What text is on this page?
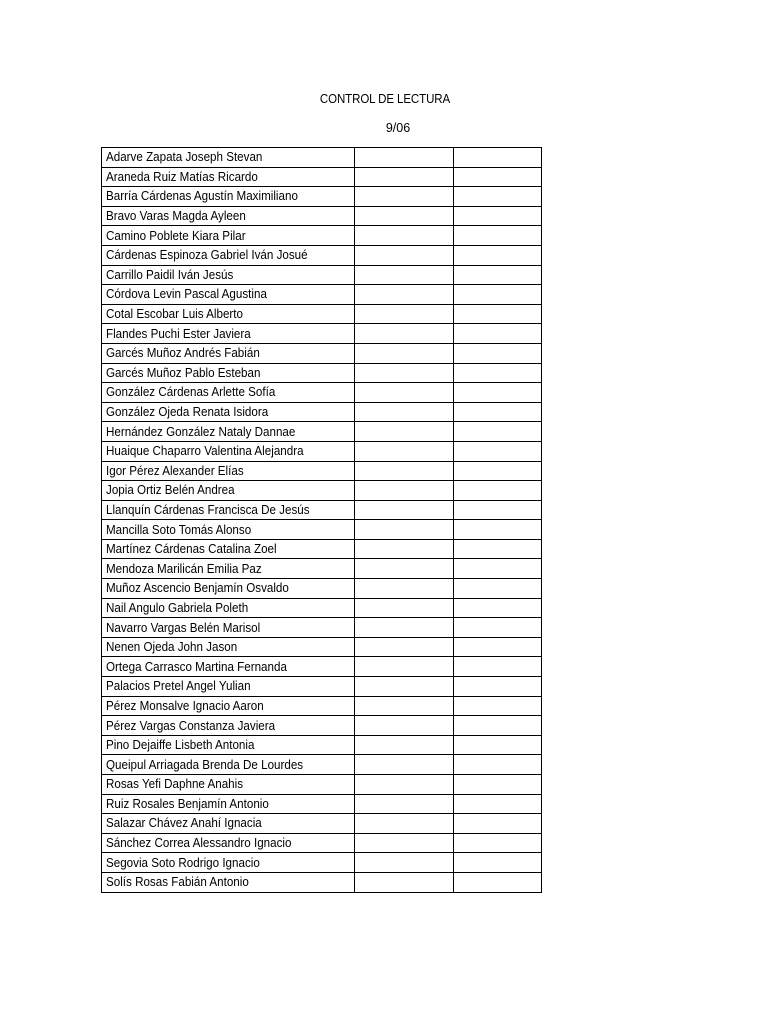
CONTROL DE LECTURA
9/06
Adarve Zapata Joseph Stevan		
Araneda Ruiz Matías Ricardo		
Barría Cárdenas Agustín Maximiliano		
Bravo Varas Magda Ayleen		
Camino Poblete Kiara Pilar		
Cárdenas Espinoza Gabriel Iván Josué		
Carrillo Paidil Iván Jesús		
Córdova Levin Pascal Agustina		
Cotal Escobar Luis Alberto		
Flandes Puchi Ester Javiera		
Garcés Muñoz Andrés Fabián		
Garcés Muñoz Pablo Esteban		
González Cárdenas Arlette Sofía		
González Ojeda Renata Isidora		
Hernández González Nataly Dannae		
Huaique Chaparro Valentina Alejandra		
Igor Pérez Alexander Elías		
Jopia Ortiz Belén Andrea		
Llanquín Cárdenas Francisca De Jesús		
Mancilla Soto Tomás Alonso		
Martínez Cárdenas Catalina Zoel		
Mendoza Marilicán Emilia Paz		
Muñoz Ascencio Benjamín Osvaldo		
Nail Angulo Gabriela Poleth		
Navarro Vargas Belén Marisol		
Nenen Ojeda John Jason		
Ortega Carrasco Martina Fernanda		
Palacios Pretel Angel Yulian		
Pérez Monsalve Ignacio Aaron		
Pérez Vargas Constanza Javiera		
Pino Dejaiffe Lisbeth Antonia		
Queipul Arriagada Brenda De Lourdes		
Rosas Yefi Daphne Anahis		
Ruiz Rosales Benjamín Antonio		
Salazar Chávez Anahí Ignacia		
Sánchez Correa Alessandro Ignacio		
Segovia Soto Rodrigo Ignacio		
Solís Rosas Fabián Antonio		
